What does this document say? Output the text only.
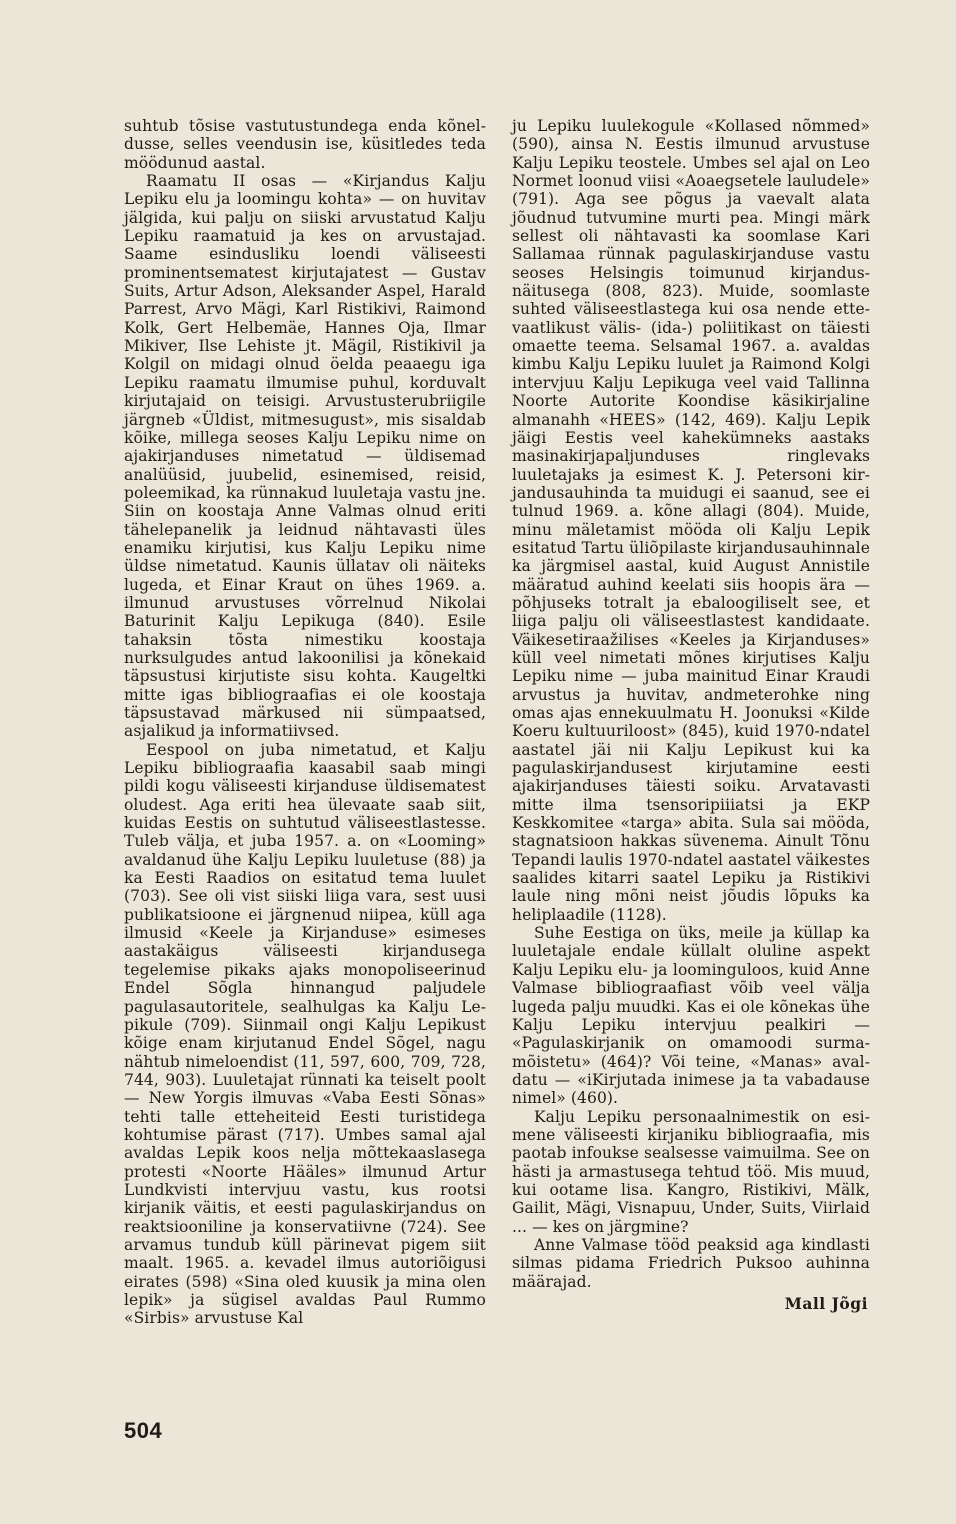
suhtub tõsise vastutustundega enda kõneldusse, selles veendusin ise, küsitledes teda möödunud aastal.

Raamatu II osas — «Kirjandus Kalju Lepiku elu ja loomingu kohta» — on huvitav jälgida, kui palju on siiski arvustatud Kalju Lepiku raamatuid ja kes on arvustajad. Saame esindusliku loendi väliseesti prominentsematest kirjutajatest — Gustav Suits, Artur Adson, Aleksander Aspel, Harald Parrest, Arvo Mägi, Karl Ristikivi, Raimond Kolk, Gert Helbemäe, Hannes Oja, Ilmar Mikiver, Ilse Lehiste jt. Mägil, Ristikivil ja Kolgil on midagi olnud öelda peaaegu iga Lepiku raamatu ilmumise puhul, korduvalt kirjutajaid on teisigi. Arvustusterubriigile järgneb «Üldist, mitmesugust», mis sisaldab kõike, millega seoses Kalju Lepiku nime on ajakirjanduses nimetatud — üldisemad analüüsid, juubelid, esinemised, reisid, poleemikad, ka rünnakud luuletaja vastu jne. Siin on koostaja Anne Valmas olnud eriti tähelepanelik ja leidnud nähtavasti üles enamiku kirjutisi, kus Kalju Lepiku nime üldse nimetatud. Kaunis üllatav oli näiteks lugeda, et Einar Kraut on ühes 1969. a. ilmunud arvustuses võrrelnud Nikolai Baturinit Kalju Lepikuga (840). Esile tahaksin tõsta nimestiku koostaja nurksulgudes antud lakoonilisi ja kõnekaid täpsustusi kirjutiste sisu kohta. Kaugeltki mitte igas bibliograafias ei ole koostaja täpsustavad märkused nii sümpaatsed, asjalikud ja informatiivsed.

Eespool on juba nimetatud, et Kalju Lepiku bibliograafia kaasabil saab mingi pildi kogu väliseesti kirjanduse üldisematest oludest. Aga eriti hea ülevaate saab siit, kuidas Eestis on suhtutud väliseestlastesse. Tuleb välja, et juba 1957. a. on «Looming» avaldanud ühe Kalju Lepiku luuletuse (88) ja ka Eesti Raadios on esitatud tema luulet (703). See oli vist siiski liiga vara, sest uusi publikatsioone ei järgnenud niipea, küll aga ilmusid «Keele ja Kirjanduse» esimeses aastakäigus väliseesti kirjandusega tegelemise pikaks ajaks monopoliseerinud Endel Sõgla hinnangud paljudele pagulasautoritele, sealhulgas ka Kalju Lepikule (709). Siinmail ongi Kalju Lepikust kõige enam kirjutanud Endel Sõgel, nagu nähtub nimeloendist (11, 597, 600, 709, 728, 744, 903). Luuletajat rünnati ka teiselt poolt — New Yorgis ilmuvas «Vaba Eesti Sõnas» tehti talle etteheiteid Eesti turistidega kohtumise pärast (717). Umbes samal ajal avaldas Lepik koos nelja mõttekaaslasega protesti «Noorte Hääles» ilmunud Artur Lundkvisti intervjuu vastu, kus rootsi kirjanik väitis, et eesti pagulaskirjandus on reaktsiooniline ja konservatiivne (724). See arvamus tundub küll pärinevat pigem siit maalt. 1965. a. kevadel ilmus autoriõigusi eirates (598) «Sina oled kuusik ja mina olen lepik» ja sügisel avaldas Paul Rummo «Sirbis» arvustuse Kal

ju Lepiku luulekogule «Kollased nõmmed» (590), ainsa N. Eestis ilmunud arvustuse Kalju Lepiku teostele. Umbes sel ajal on Leo Normet loonud viisi «Aoaegsetele lauludele» (791). Aga see põgus ja vaevalt alata jõudnud tutvumine murti pea. Mingi märk sellest oli nähtavasti ka soomlase Kari Sallamaa rünnak pagulaskirjanduse vastu seoses Helsingis toimunud kirjandusnäitusega (808, 823). Muide, soomlaste suhted väliseestlastega kui osa nende ettevaatlikust välis- (ida-) poliitikast on täiesti omaette teema. Selsamal 1967. a. avaldas kimbu Kalju Lepiku luulet ja Raimond Kolgi intervjuu Kalju Lepikuga veel vaid Tallinna Noorte Autorite Koondise käsikirjaline almanahh «HEES» (142, 469). Kalju Lepik jäigi Eestis veel kahekümneks aastaks masinakirjapaljunduses ringlevaks luuletajaks ja esimest K. J. Petersoni kirjandusauhinda ta muidugi ei saanud, see ei tulnud 1969. a. kõne allagi (804). Muide, minu mäletamist mööda oli Kalju Lepik esitatud Tartu üliõpilaste kirjandusauhinnale ka järgmisel aastal, kuid August Annistile määratud auhind keelati siis hoopis ära — põhjuseks totralt ja ebaloogiliselt see, et liiga palju oli väliseestlastest kandidaate. Väikesetiraažilises «Keeles ja Kirjanduses» küll veel nimetati mõnes kirjutises Kalju Lepiku nime — juba mainitud Einar Kraudi arvustus ja huvitav, andmeterohke ning omas ajas ennekuulmatu H. Joonuksi «Kilde Koeru kultuuriloost» (845), kuid 1970-ndatel aastatel jäi nii Kalju Lepikust kui ka pagulaskirjandusest kirjutamine eesti ajakirjanduses täiesti soiku. Arvatavasti mitte ilma tsensoripiiiatsi ja EKP Keskkomitee «targa» abita. Sula sai mööda, stagnatsioon hakkas süvenema. Ainult Tõnu Tepandi laulis 1970-ndatel aastatel väikestes saalides kitarri saatel Lepiku ja Ristikivi laule ning mõni neist jõudis lõpuks ka heliplaadile (1128).

Suhe Eestiga on üks, meile ja küllap ka luuletajale endale küllalt oluline aspekt Kalju Lepiku elu- ja loominguloos, kuid Anne Valmase bibliograafiast võib veel välja lugeda palju muudki. Kas ei ole kõnekas ühe Kalju Lepiku intervjuu pealkiri — «Pagulaskirjanik on omamoodi surmamõistetu» (464)? Või teine, «Manas» avaldatu — «iKirjutada inimese ja ta vabadause nimel» (460).

Kalju Lepiku personaalnimestik on esimene väliseesti kirjaniku bibliograafia, mis paotab infoukse sealsesse vaimuilma. See on hästi ja armastusega tehtud töö. Mis muud, kui ootame lisa. Kangro, Ristikivi, Mälk, Gailit, Mägi, Visnapuu, Under, Suits, Viirlaid ... — kes on järgmine?

Anne Valmase tööd peaksid aga kindlasti silmas pidama Friedrich Puksoo auhinna määrajad.

Mall Jõgi
504
